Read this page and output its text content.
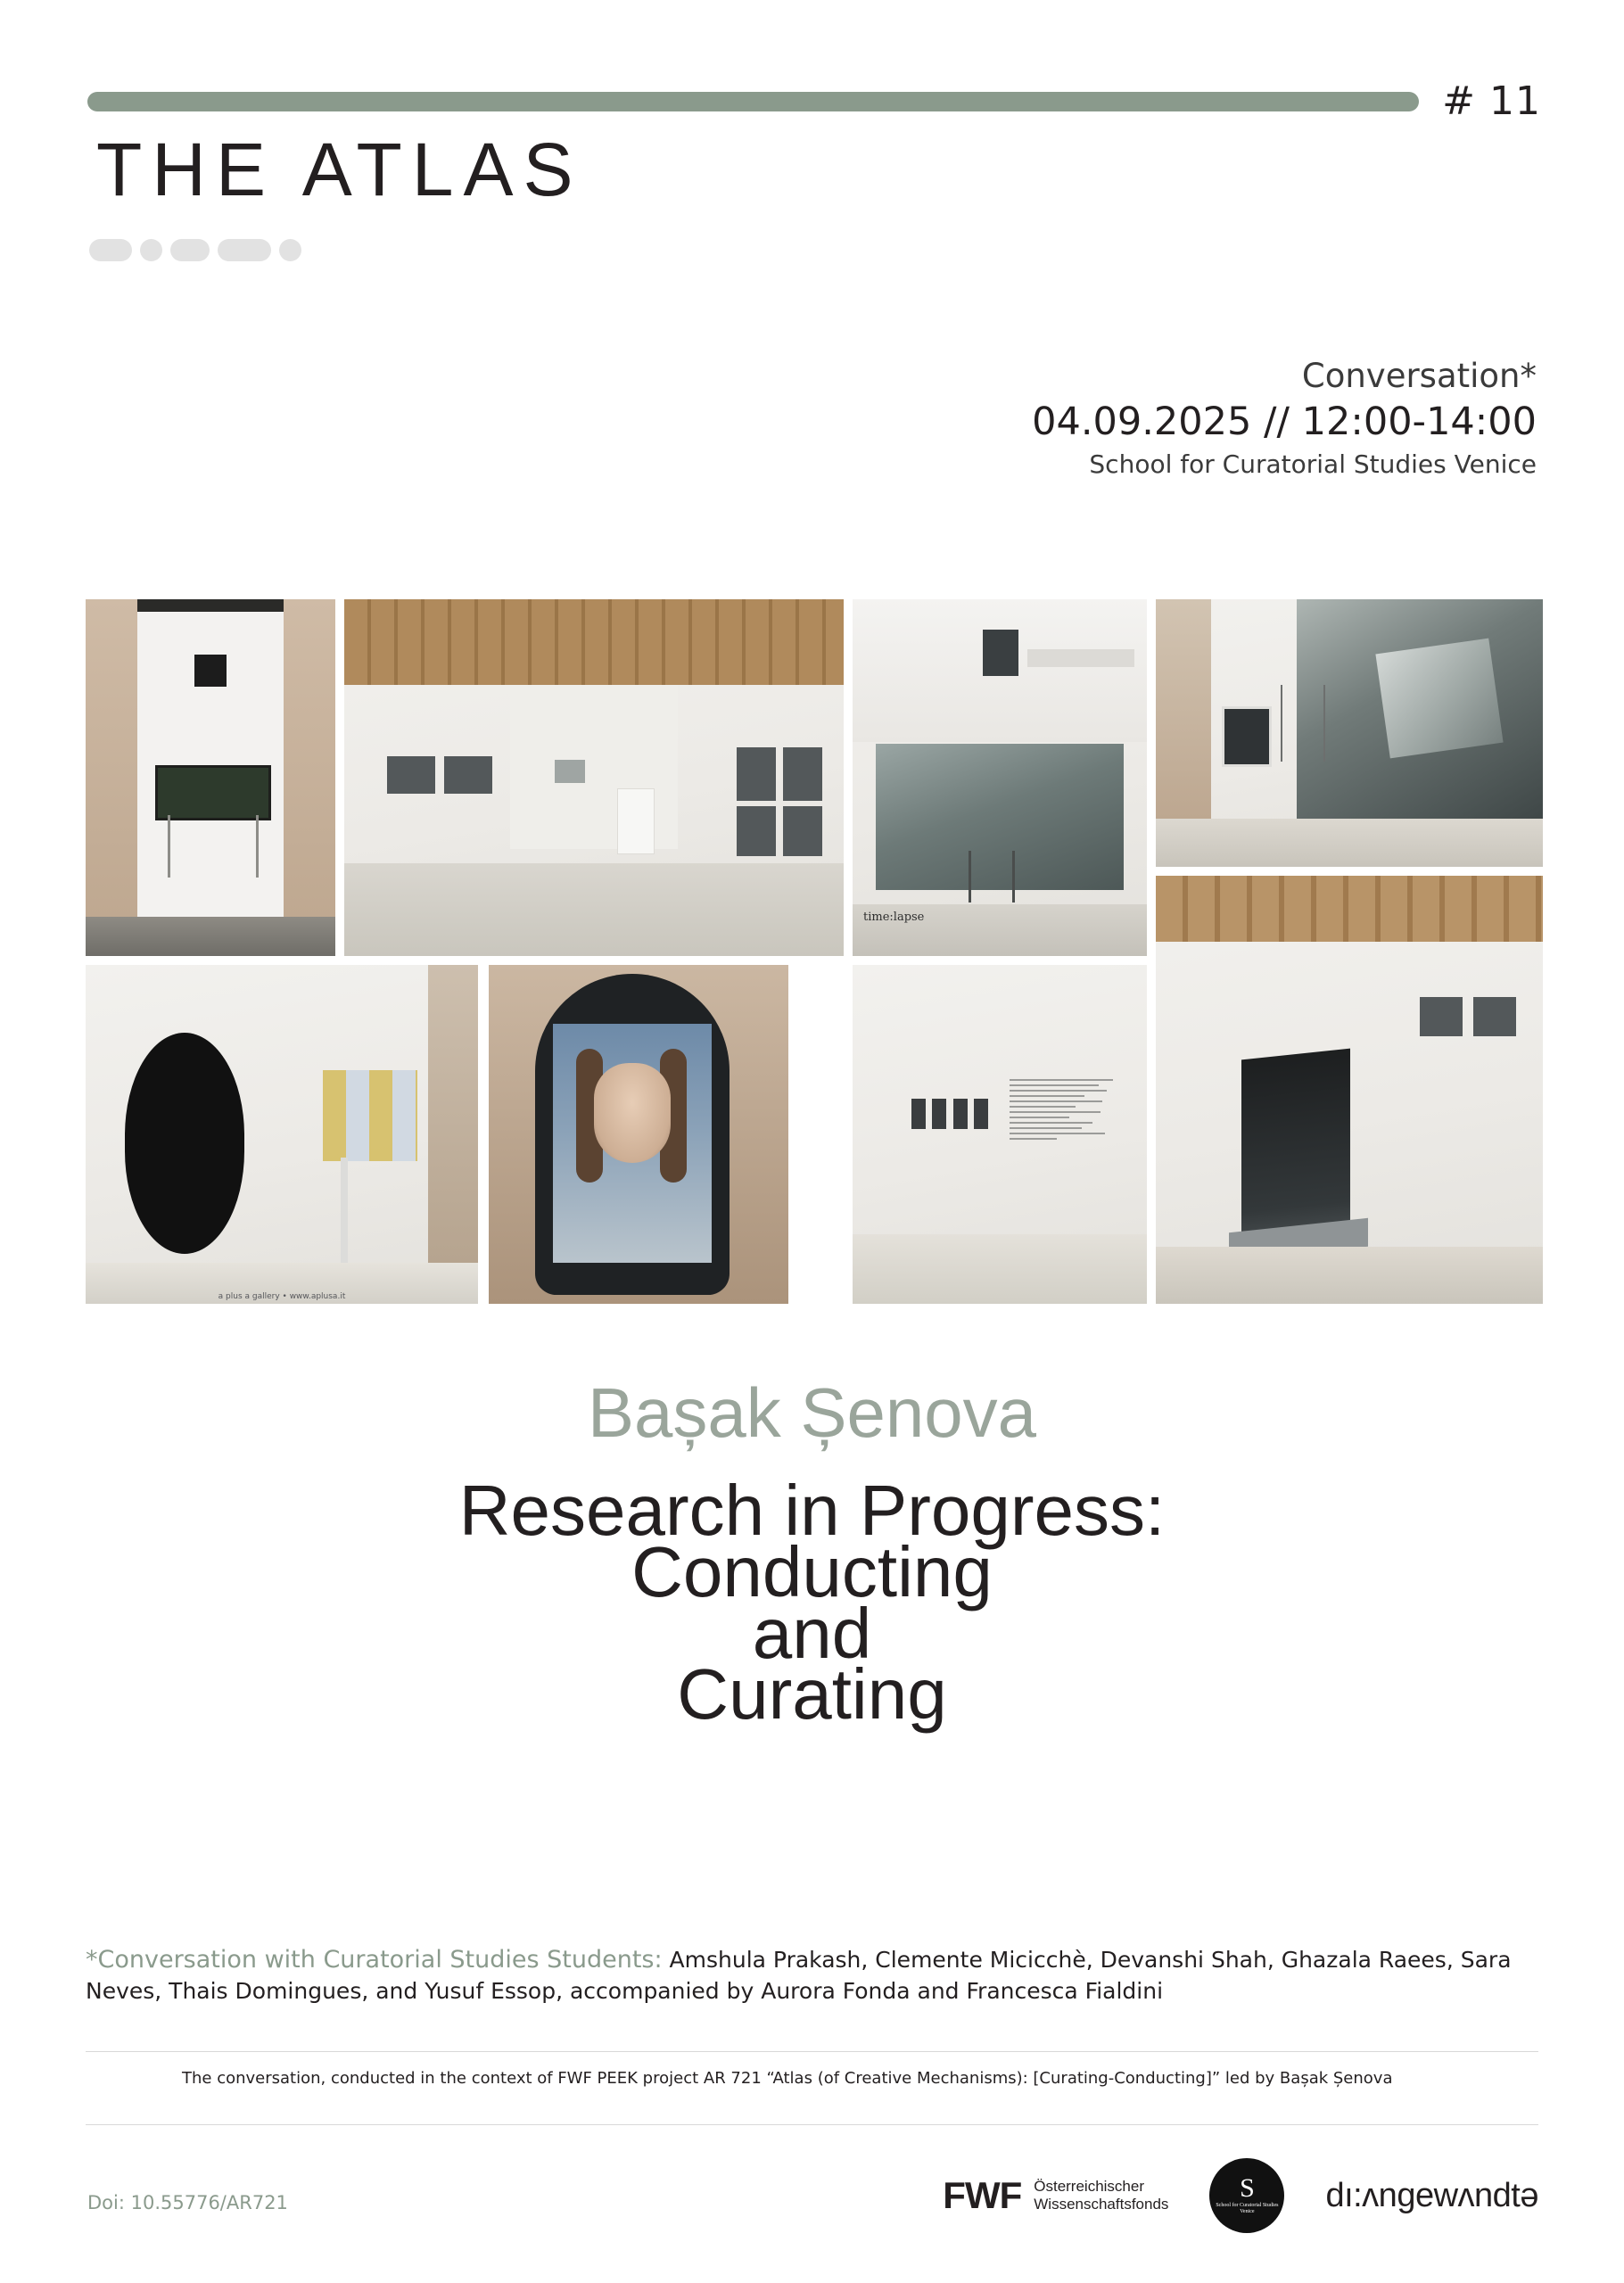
# 11
THE ATLAS
Conversation*
04.09.2025 // 12:00-14:00
School for Curatorial Studies Venice
time:lapse
a plus a gallery • www.aplusa.it
Bașak Șenova
Research in Progress:
Conducting
and
Curating
*Conversation with Curatorial Studies Students: Amshula Prakash, Clemente Micicchè, Devanshi Shah, Ghazala Raees, Sara Neves, Thais Domingues, and Yusuf Essop, accompanied by Aurora Fonda and Francesca Fialdini
The conversation, conducted in the context of FWF PEEK project AR 721 “Atlas (of Creative Mechanisms): [Curating-Conducting]” led by Bașak Șenova
Doi: 10.55776/AR721	FWF Österreichischer
Wissenschaftsfonds
S
School for Curatorial Studies Venice	dı:ʌngewʌndtə
